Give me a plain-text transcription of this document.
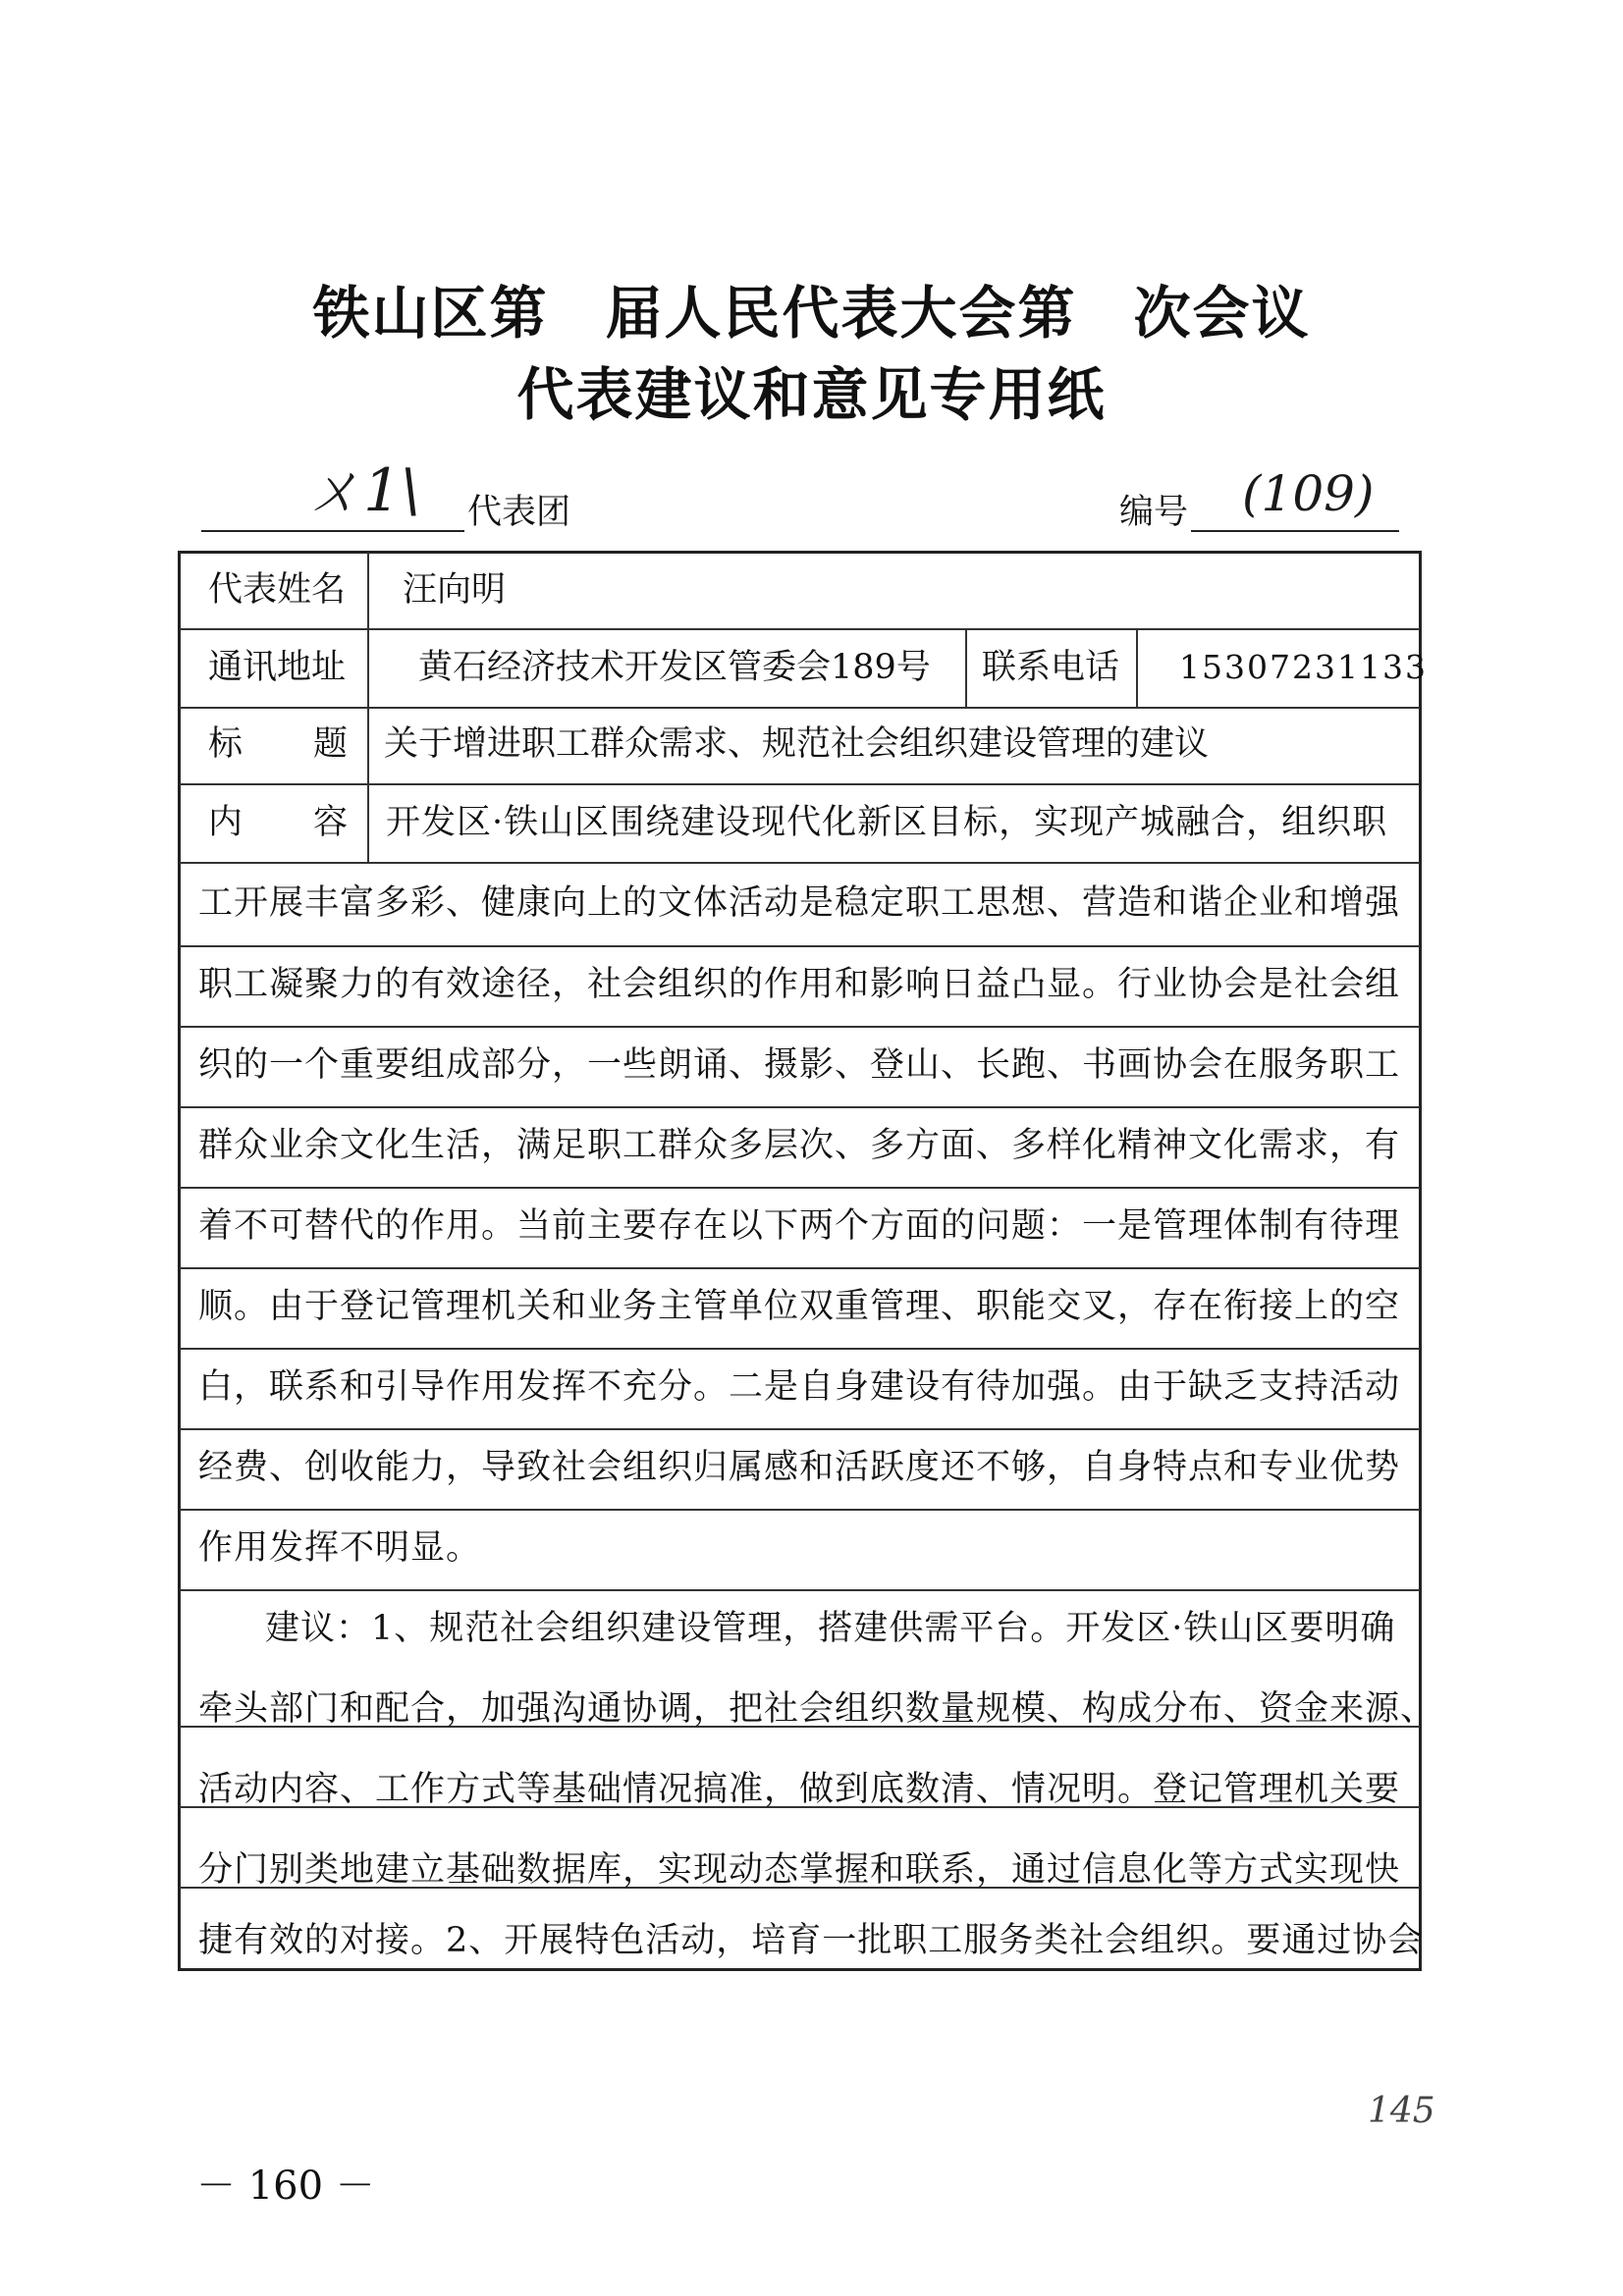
铁山区第 届人民代表大会第 次会议
代表建议和意见专用纸
ㄨ1\ 代表团	编号 (109)
代表姓名 汪向明
通讯地址 黄石经济技术开发区管委会189号 联系电话 15307231133
标 题 关于增进职工群众需求、规范社会组织建设管理的建议
内 容 开发区·铁山区围绕建设现代化新区目标，实现产城融合，组织职
工开展丰富多彩、健康向上的文体活动是稳定职工思想、营造和谐企业和增强
职工凝聚力的有效途径，社会组织的作用和影响日益凸显。行业协会是社会组
织的一个重要组成部分，一些朗诵、摄影、登山、长跑、书画协会在服务职工
群众业余文化生活，满足职工群众多层次、多方面、多样化精神文化需求，有
着不可替代的作用。当前主要存在以下两个方面的问题：一是管理体制有待理
顺。由于登记管理机关和业务主管单位双重管理、职能交叉，存在衔接上的空
白，联系和引导作用发挥不充分。二是自身建设有待加强。由于缺乏支持活动
经费、创收能力，导致社会组织归属感和活跃度还不够，自身特点和专业优势
作用发挥不明显。
建议：1、规范社会组织建设管理，搭建供需平台。开发区·铁山区要明确
牵头部门和配合，加强沟通协调，把社会组织数量规模、构成分布、资金来源、
活动内容、工作方式等基础情况搞准，做到底数清、情况明。登记管理机关要
分门别类地建立基础数据库，实现动态掌握和联系，通过信息化等方式实现快
捷有效的对接。2、开展特色活动，培育一批职工服务类社会组织。要通过协会
145
－ 160 －
